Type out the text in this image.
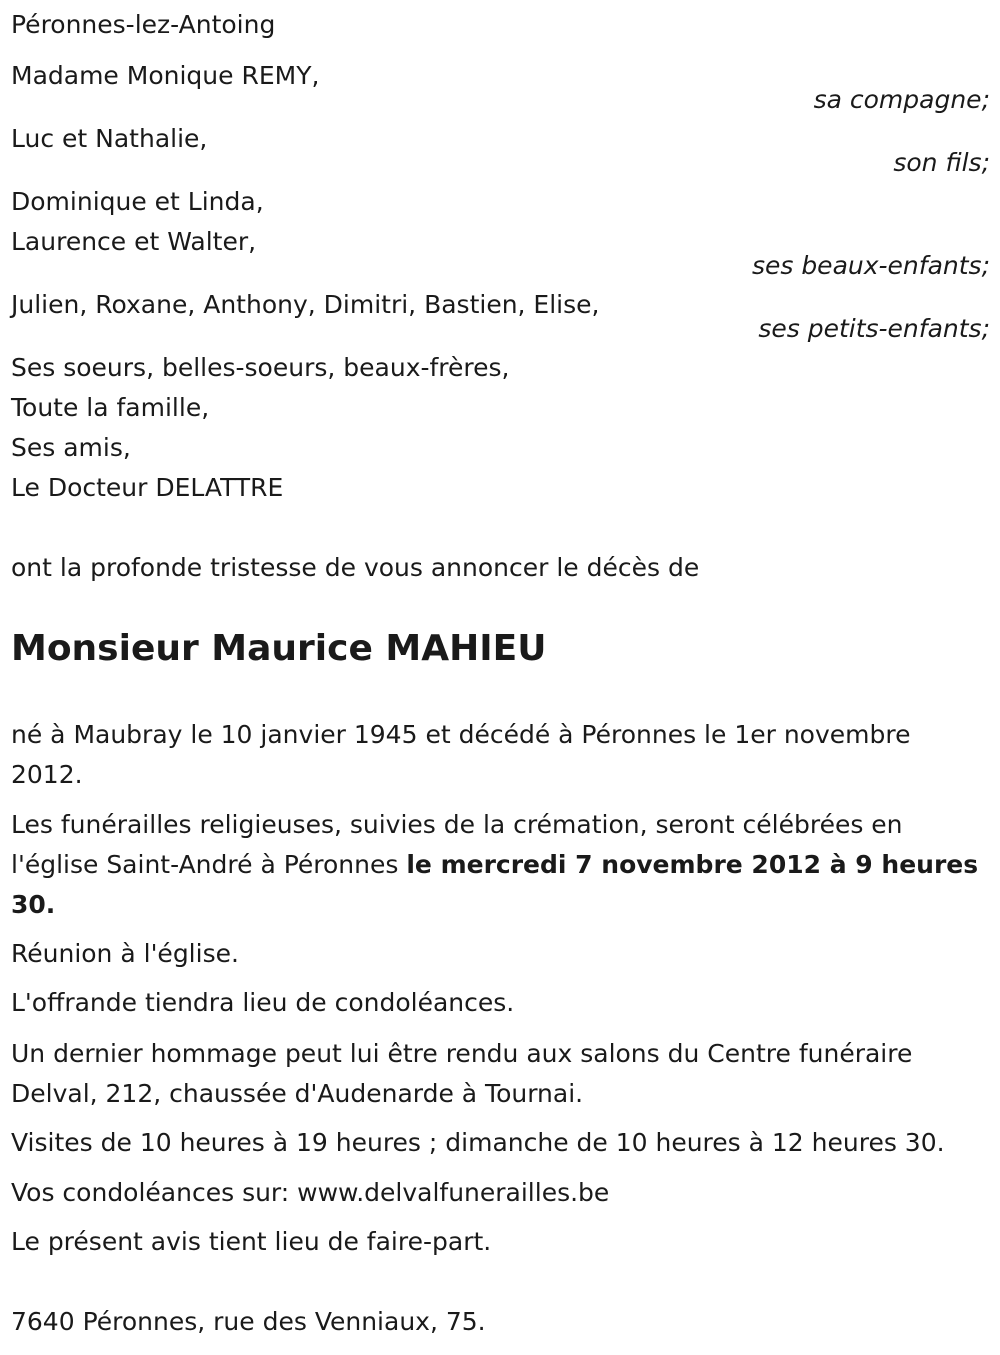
Péronnes-lez-Antoing

Madame Monique REMY,

sa compagne;

Luc et Nathalie,

son fils;

Dominique et Linda,

Laurence et Walter,

ses beaux-enfants;

Julien, Roxane, Anthony, Dimitri, Bastien, Elise,

ses petits-enfants;

Ses soeurs, belles-soeurs, beaux-frères,

Toute la famille,

Ses amis,

Le Docteur DELATTRE

ont la profonde tristesse de vous annoncer le décès de

Monsieur Maurice MAHIEU

né à Maubray le 10 janvier 1945 et décédé à Péronnes le 1er novembre 2012.

Les funérailles religieuses, suivies de la crémation, seront célébrées en l'église Saint-André à Péronnes le mercredi 7 novembre 2012 à 9 heures 30.

Réunion à l'église.

L'offrande tiendra lieu de condoléances.

Un dernier hommage peut lui être rendu aux salons du Centre funéraire Delval, 212, chaussée d'Audenarde à Tournai.

Visites de 10 heures à 19 heures ; dimanche de 10 heures à 12 heures 30.

Vos condoléances sur: www.delvalfunerailles.be

Le présent avis tient lieu de faire-part.

7640 Péronnes, rue des Venniaux, 75.
